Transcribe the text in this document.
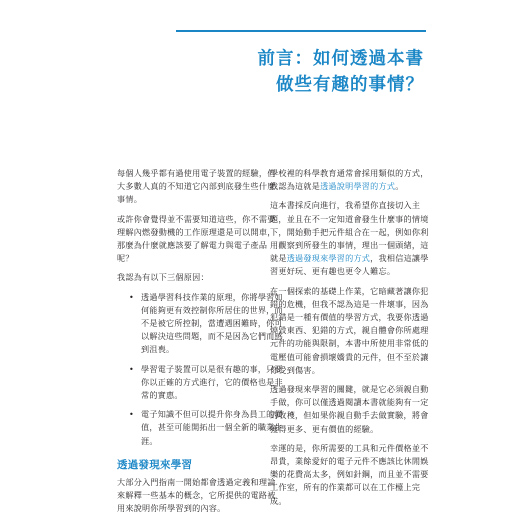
前言：如何透過本書
做些有趣的事情？

每個人幾乎都有過使用電子裝置的經驗，但大多數人真的不知道它內部到底發生些什麼事情。

或許你會覺得並不需要知道這些，你不需要理解內燃發動機的工作原理還是可以開車，那麼為什麼就應該要了解電力與電子產品呢？

我認為有以下三個原因：

• 透過學習科技作業的原理，你將學習如何能夠更有效控制你所居住的世界，而不是被它所控制，當遭遇困難時，你可以解決這些問題，而不是因為它們而感到沮喪。
• 學習電子裝置可以是很有趣的事，只要你以正確的方式進行，它的價格也是非常的實惠。
• 電子知識不但可以提升你身為員工的價值，甚至可能開拓出一個全新的職業生涯。
透過發現來學習

大部分入門指南一開始都會透過定義和理論來解釋一些基本的概念，它所提供的電路被用來說明你所學習到的內容。

學校裡的科學教育通常會採用類似的方式，我認為這就是透過說明學習的方式。

這本書採反向進行，我希望你直接切入主題，並且在不一定知道會發生什麼事的情境下，開始動手把元件組合在一起，例如你利用觀察到所發生的事情，理出一個頭緒，這就是透過發現來學習的方式，我相信這讓學習更好玩、更有趣也更令人難忘。

在一個探索的基礎上作業，它暗藏著讓你犯錯的危機，但我不認為這是一件壞事，因為犯錯是一種有價值的學習方式，我要你透過燒毀東西、犯錯的方式，親自體會你所處理元件的功能與限制，本書中所使用非常低的電壓值可能會損壞嬌貴的元件，但不至於讓你受到傷害。

透過發現來學習的關鍵，就是它必須親自動手做，你可以僅透過閱讀本書就能夠有一定的收穫，但如果你親自動手去做實驗，將會獲得更多、更有價值的經驗。

幸運的是，你所需要的工具和元件價格並不昂貴，業餘愛好的電子元件不應該比休閒娛樂的花費高太多，例如針鋼，而且並不需要工作室，所有的作業都可以在工作檯上完成。
